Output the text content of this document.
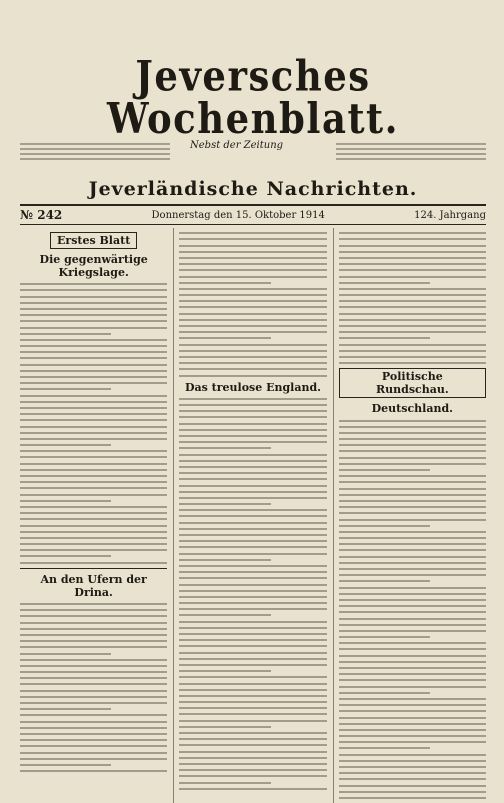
Jeversches Wochenblatt.
Nebst der Zeitung
Jeverländische Nachrichten.
№ 242	Donnerstag den 15. Oktober 1914	124. Jahrgang
Erstes Blatt
Die gegenwärtige Kriegslage.
An den Ufern der Drina.
Das treulose England.
Politische Rundschau.
Deutschland.
